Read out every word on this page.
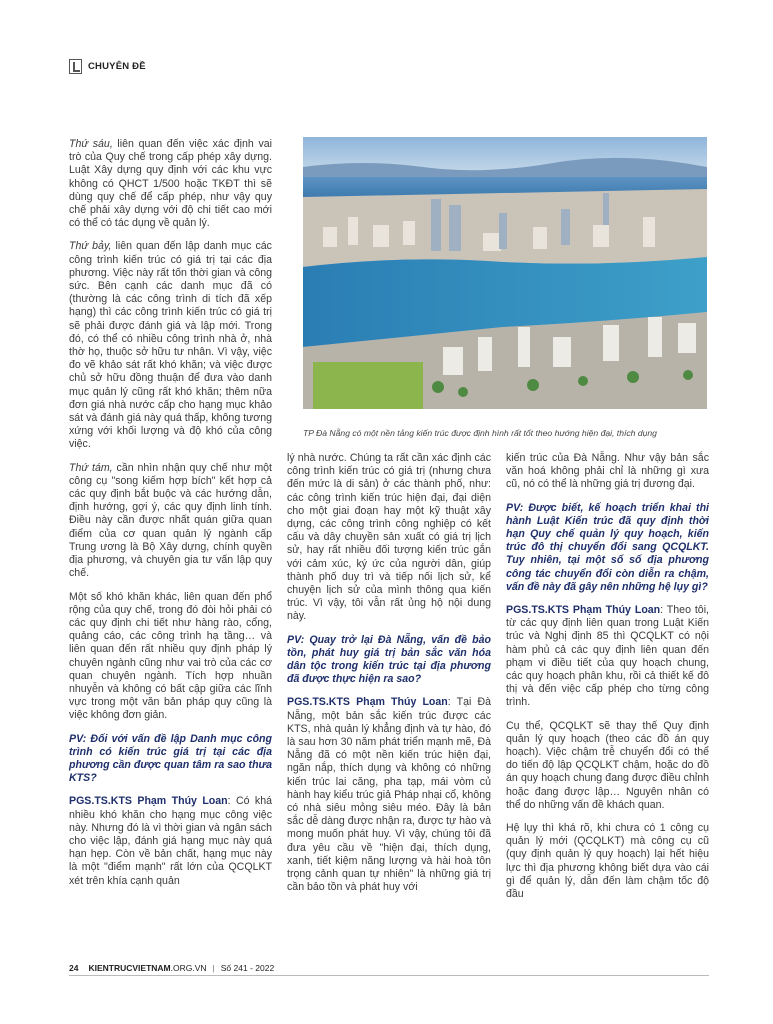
CHUYÊN ĐỀ

Thứ sáu, liên quan đến việc xác định vai trò của Quy chế trong cấp phép xây dựng. Luật Xây dựng quy định với các khu vực không có QHCT 1/500 hoặc TKĐT thì sẽ dùng quy chế để cấp phép, như vậy quy chế phải xây dựng với độ chi tiết cao mới có thể có tác dụng về quản lý.

Thứ bảy, liên quan đến lập danh mục các công trình kiến trúc có giá trị tại các địa phương. Việc này rất tốn thời gian và công sức. Bên cạnh các danh mục đã có (thường là các công trình di tích đã xếp hạng) thì các công trình kiến trúc có giá trị sẽ phải được đánh giá và lập mới. Trong đó, có thể có nhiều công trình nhà ở, nhà thờ họ, thuộc sở hữu tư nhân. Vì vậy, việc đo vẽ khảo sát rất khó khăn; và việc được chủ sở hữu đồng thuận để đưa vào danh mục quản lý cũng rất khó khăn; thêm nữa đơn giá nhà nước cấp cho hạng mục khảo sát và đánh giá này quá thấp, không tương xứng với khối lượng và độ khó của công việc.

Thứ tám, cần nhìn nhận quy chế như một công cụ "song kiếm hợp bích" kết hợp cả các quy định bắt buộc và các hướng dẫn, định hướng, gợi ý, các quy định linh tính. Điều này cần được nhất quán giữa quan điểm của cơ quan quản lý ngành cấp Trung ương là Bộ Xây dựng, chính quyền địa phương, và chuyên gia tư vấn lập quy chế.

Một số khó khăn khác, liên quan đến phổ rộng của quy chế, trong đó đòi hỏi phải có các quy định chi tiết như hàng rào, cổng, quảng cáo, các công trình hạ tầng… và liên quan đến rất nhiều quy định pháp lý chuyên ngành cũng như vai trò của các cơ quan chuyên ngành. Tích hợp nhuần nhuyễn và không có bất cập giữa các lĩnh vực trong một văn bản pháp quy cũng là việc không đơn giản.

PV: Đối với vấn đề lập Danh mục công trình có kiến trúc giá trị tại các địa phương cần được quan tâm ra sao thưa KTS?

PGS.TS.KTS Phạm Thúy Loan: Có khá nhiều khó khăn cho hạng mục công việc này. Nhưng đó là vì thời gian và ngân sách cho việc lập, đánh giá hạng mục này quá hạn hẹp. Còn về bản chất, hạng mục này là một "điểm mạnh" rất lớn của QCQLKT xét trên khía cạnh quản

TP Đà Nẵng có một nền tảng kiến trúc được định hình rất tốt theo hướng hiện đại, thích dụng

lý nhà nước. Chúng ta rất cần xác định các công trình kiến trúc có giá trị (nhưng chưa đến mức là di sản) ở các thành phố, như: các công trình kiến trúc hiện đại, đại diện cho một giai đoạn hay một kỹ thuật xây dựng, các công trình công nghiệp có kết cấu và dây chuyền sản xuất có giá trị lịch sử, hay rất nhiều đối tượng kiến trúc gắn với cảm xúc, ký ức của người dân, giúp thành phố duy trì và tiếp nối lịch sử, kể chuyện lịch sử của mình thông qua kiến trúc. Vì vậy, tôi vẫn rất ủng hộ nội dung này.

PV: Quay trở lại Đà Nẵng, vấn đề bảo tồn, phát huy giá trị bản sắc văn hóa dân tộc trong kiến trúc tại địa phương đã được thực hiện ra sao?

PGS.TS.KTS Phạm Thúy Loan: Tại Đà Nẵng, một bản sắc kiến trúc được các KTS, nhà quản lý khẳng định và tự hào, đó là sau hơn 30 năm phát triển mạnh mẽ, Đà Nẵng đã có một nền kiến trúc hiện đại, ngăn nắp, thích dụng và không có những kiến trúc lai căng, pha tạp, mái vòm củ hành hay kiểu trúc giả Pháp nhại cổ, không có nhà siêu mỏng siêu méo. Đây là bản sắc dễ dàng được nhận ra, được tự hào và mong muốn phát huy. Vì vậy, chúng tôi đã đưa yêu cầu về "hiện đại, thích dụng, xanh, tiết kiệm năng lượng và hài hoà tôn trọng cảnh quan tự nhiên" là những giá trị cần bảo tồn và phát huy với

kiến trúc của Đà Nẵng. Như vậy bản sắc văn hoá không phải chỉ là những gì xưa cũ, nó có thể là những giá trị đương đại.

PV: Được biết, kế hoạch triển khai thi hành Luật Kiến trúc đã quy định thời hạn Quy chế quản lý quy hoạch, kiến trúc đô thị chuyển đổi sang QCQLKT. Tuy nhiên, tại một số số địa phương công tác chuyển đổi còn diễn ra chậm, vấn đề này đã gây nên những hệ lụy gì?

PGS.TS.KTS Phạm Thúy Loan: Theo tôi, từ các quy định liên quan trong Luật Kiến trúc và Nghị định 85 thì QCQLKT có nội hàm phủ cả các quy định liên quan đến phạm vi điều tiết của quy hoạch chung, các quy hoạch phân khu, rồi cả thiết kế đô thị và đến việc cấp phép cho từng công trình.

Cụ thể, QCQLKT sẽ thay thế Quy định quản lý quy hoạch (theo các đồ án quy hoạch). Việc chậm trễ chuyển đổi có thể do tiến độ lập QCQLKT chậm, hoặc do đồ án quy hoạch chung đang được điều chỉnh hoặc đang được lập… Nguyên nhân có thể do những vấn đề khách quan.

Hệ lụy thì khá rõ, khi chưa có 1 công cụ quản lý mới (QCQLKT) mà công cụ cũ (quy định quản lý quy hoạch) lại hết hiệu lực thì địa phương không biết dựa vào cái gì để quản lý, dẫn đến làm chậm tốc độ đầu

24 KIENTRUCVIETNAM.ORG.VN | Số 241 - 2022
